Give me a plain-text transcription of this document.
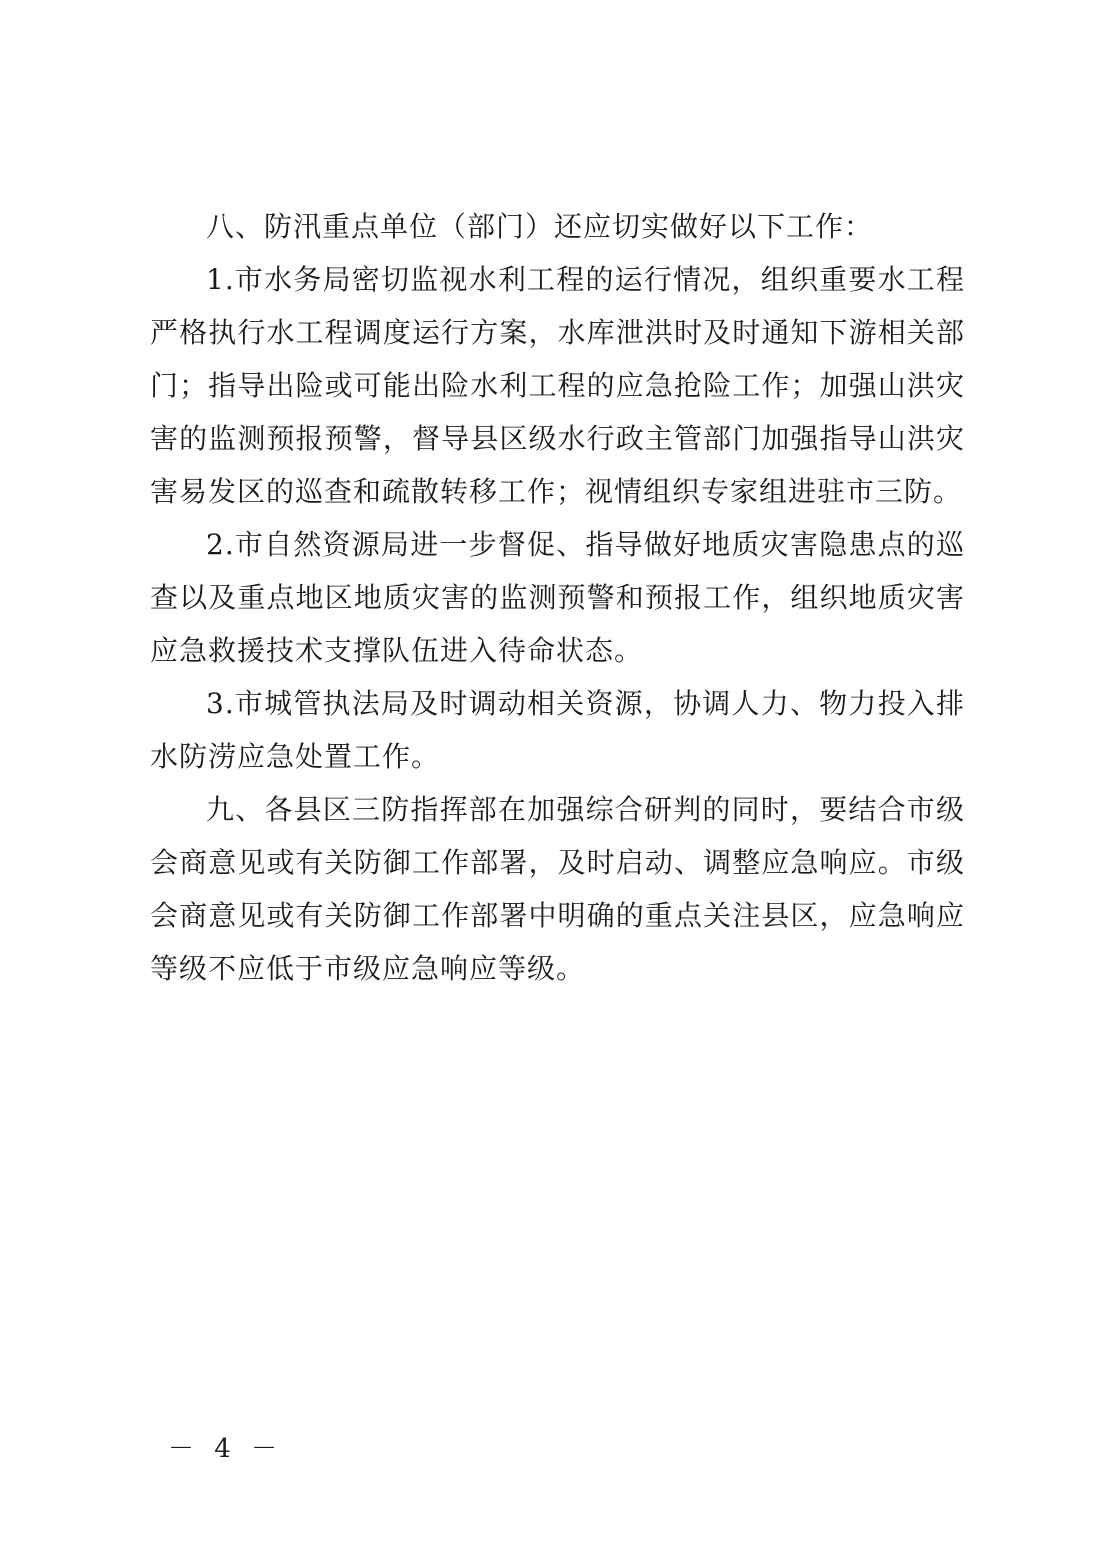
八、防汛重点单位（部门）还应切实做好以下工作：

1.市水务局密切监视水利工程的运行情况，组织重要水工程严格执行水工程调度运行方案，水库泄洪时及时通知下游相关部门；指导出险或可能出险水利工程的应急抢险工作；加强山洪灾害的监测预报预警，督导县区级水行政主管部门加强指导山洪灾害易发区的巡查和疏散转移工作；视情组织专家组进驻市三防。

2.市自然资源局进一步督促、指导做好地质灾害隐患点的巡查以及重点地区地质灾害的监测预警和预报工作，组织地质灾害应急救援技术支撑队伍进入待命状态。

3.市城管执法局及时调动相关资源，协调人力、物力投入排水防涝应急处置工作。

九、各县区三防指挥部在加强综合研判的同时，要结合市级会商意见或有关防御工作部署，及时启动、调整应急响应。市级会商意见或有关防御工作部署中明确的重点关注县区，应急响应等级不应低于市级应急响应等级。

－ 4 －
